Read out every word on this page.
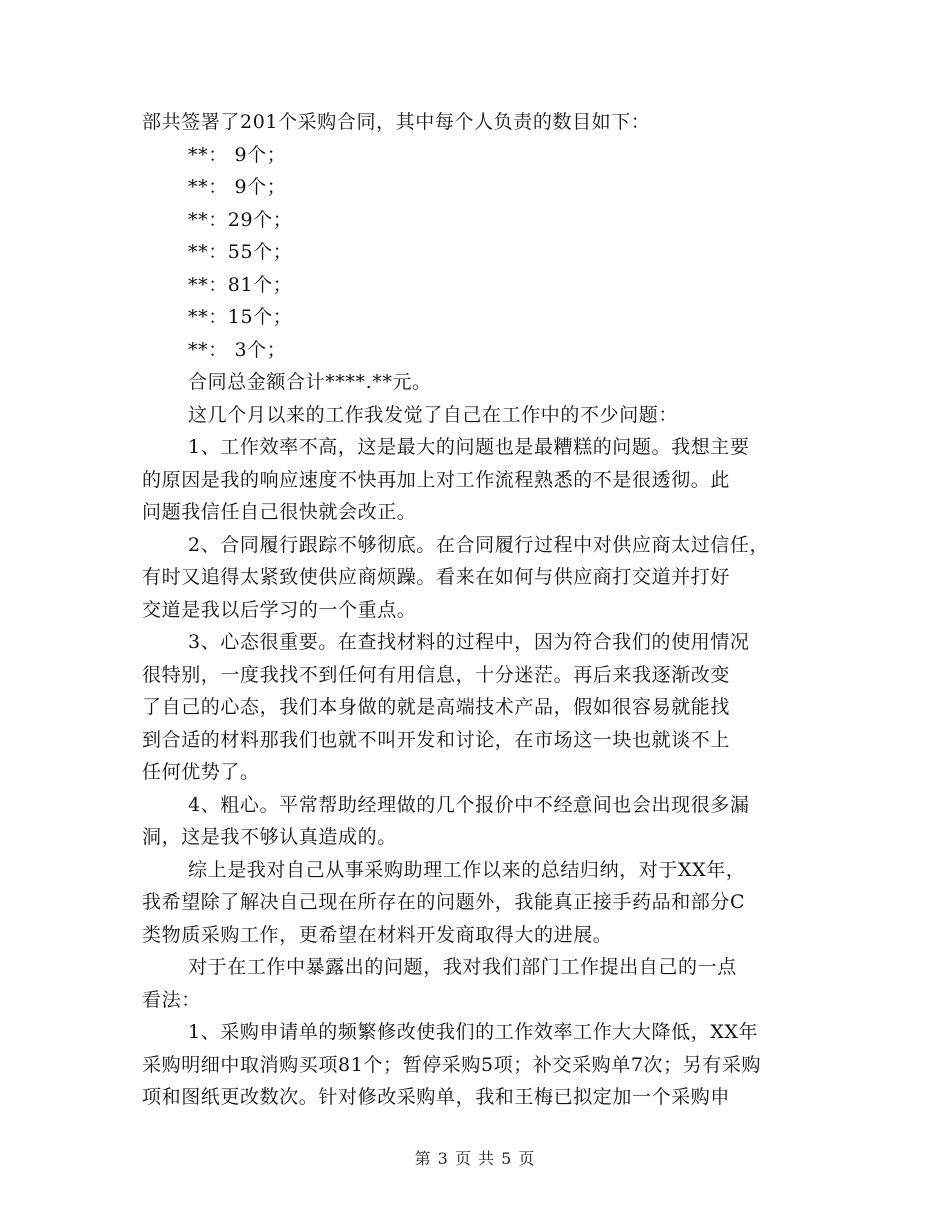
部共签署了201个采购合同，其中每个人负责的数目如下：
**： 9个；
**： 9个；
**：29个；
**：55个；
**：81个；
**：15个；
**： 3个；
合同总金额合计****.**元。
这几个月以来的工作我发觉了自己在工作中的不少问题：
1、工作效率不高，这是最大的问题也是最糟糕的问题。我想主要
的原因是我的响应速度不快再加上对工作流程熟悉的不是很透彻。此
问题我信任自己很快就会改正。
2、合同履行跟踪不够彻底。在合同履行过程中对供应商太过信任，
有时又追得太紧致使供应商烦躁。看来在如何与供应商打交道并打好
交道是我以后学习的一个重点。
3、心态很重要。在查找材料的过程中，因为符合我们的使用情况
很特别，一度我找不到任何有用信息，十分迷茫。再后来我逐渐改变
了自己的心态，我们本身做的就是高端技术产品，假如很容易就能找
到合适的材料那我们也就不叫开发和讨论，在市场这一块也就谈不上
任何优势了。
4、粗心。平常帮助经理做的几个报价中不经意间也会出现很多漏
洞，这是我不够认真造成的。
综上是我对自己从事采购助理工作以来的总结归纳，对于XX年，
我希望除了解决自己现在所存在的问题外，我能真正接手药品和部分C
类物质采购工作，更希望在材料开发商取得大的进展。
对于在工作中暴露出的问题，我对我们部门工作提出自己的一点
看法：
1、采购申请单的频繁修改使我们的工作效率工作大大降低，XX年
采购明细中取消购买项81个；暂停采购5项；补交采购单7次；另有采购
项和图纸更改数次。针对修改采购单，我和王梅已拟定加一个采购申
第 3 页 共 5 页
